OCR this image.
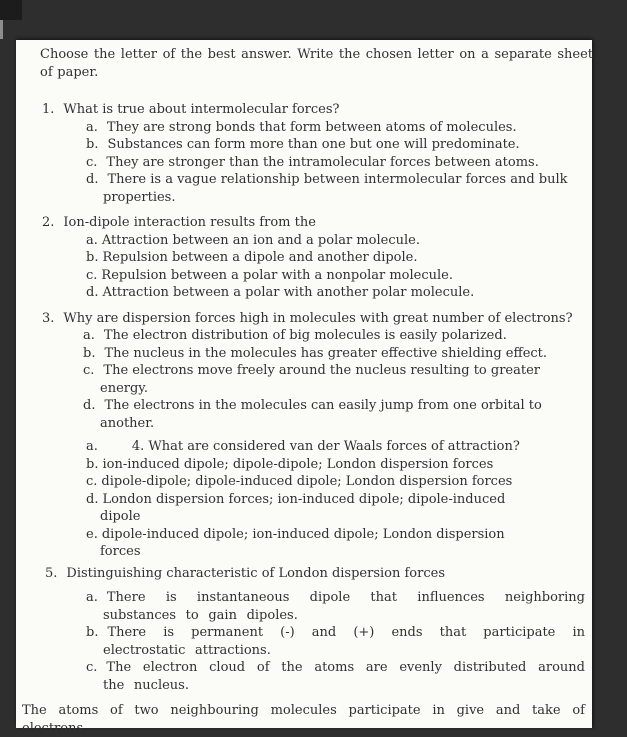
Choose the letter of the best answer. Write the chosen letter on a separate sheet of paper.
1. What is true about intermolecular forces?
a. They are strong bonds that form between atoms of molecules.
b. Substances can form more than one but one will predominate.
c. They are stronger than the intramolecular forces between atoms.
d. There is a vague relationship between intermolecular forces and bulk properties.
2. Ion-dipole interaction results from the
a. Attraction between an ion and a polar molecule.
b. Repulsion between a dipole and another dipole.
c. Repulsion between a polar with a nonpolar molecule.
d. Attraction between a polar with another polar molecule.
3. Why are dispersion forces high in molecules with great number of electrons?
a. The electron distribution of big molecules is easily polarized.
b. The nucleus in the molecules has greater effective shielding effect.
c. The electrons move freely around the nucleus resulting to greater energy.
d. The electrons in the molecules can easily jump from one orbital to another.
a.	4. What are considered van der Waals forces of attraction?
b. ion-induced dipole; dipole-dipole; London dispersion forces
c. dipole-dipole; dipole-induced dipole; London dispersion forces
d. London dispersion forces; ion-induced dipole; dipole-induced dipole
e. dipole-induced dipole; ion-induced dipole; London dispersion forces
5. Distinguishing characteristic of London dispersion forces
a. There is instantaneous dipole that influences neighboring substances to gain dipoles.
b. There is permanent (-) and (+) ends that participate in electrostatic attractions.
c. The electron cloud of the atoms are evenly distributed around the nucleus.
The atoms of two neighbouring molecules participate in give and take of electrons.
